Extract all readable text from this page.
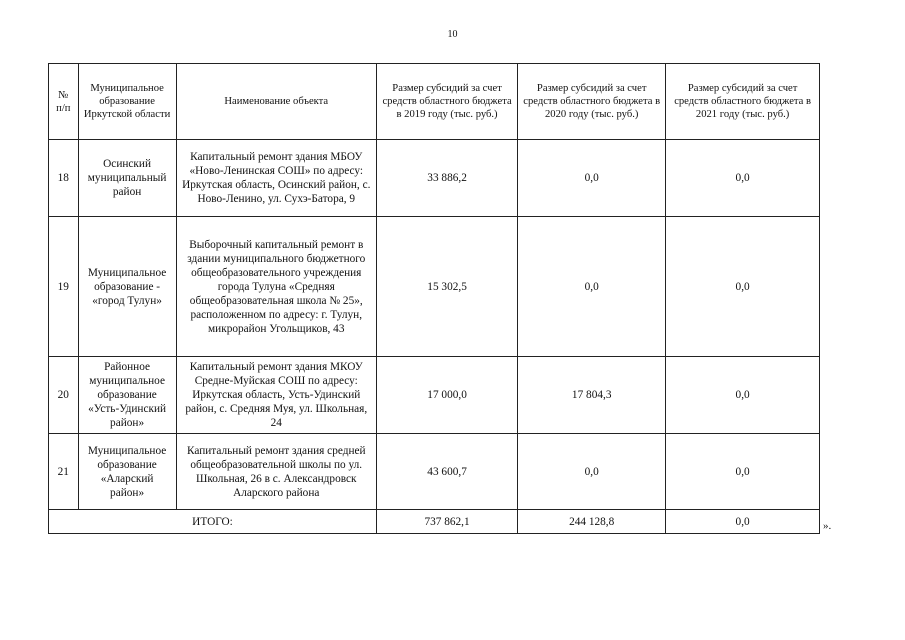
10
№ п/п	Муниципальное образование Иркутской области	Наименование объекта	Размер субсидий за счет средств областного бюджета в 2019 году (тыс. руб.)	Размер субсидий за счет средств областного бюджета в 2020 году (тыс. руб.)	Размер субсидий за счет средств областного бюджета в 2021 году (тыс. руб.)
18	Осинский муниципальный район	Капитальный ремонт здания МБОУ «Ново-Ленинская СОШ» по адресу: Иркутская область, Осинский район, с. Ново-Ленино, ул. Сухэ-Батора, 9	33 886,2	0,0	0,0
19	Муниципальное образование - «город Тулун»	Выборочный капитальный ремонт в здании муниципального бюджетного общеобразовательного учреждения города Тулуна «Средняя общеобразовательная школа № 25», расположенном по адресу: г. Тулун, микрорайон Угольщиков, 43	15 302,5	0,0	0,0
20	Районное муниципальное образование «Усть-Удинский район»	Капитальный ремонт здания МКОУ Средне-Муйская СОШ по адресу: Иркутская область, Усть-Удинский район, с. Средняя Муя, ул. Школьная, 24	17 000,0	17 804,3	0,0
21	Муниципальное образование «Аларский район»	Капитальный ремонт здания средней общеобразовательной школы по ул. Школьная, 26 в с. Александровск Аларского района	43 600,7	0,0	0,0
ИТОГО:			737 862,1	244 128,8	0,0	».
